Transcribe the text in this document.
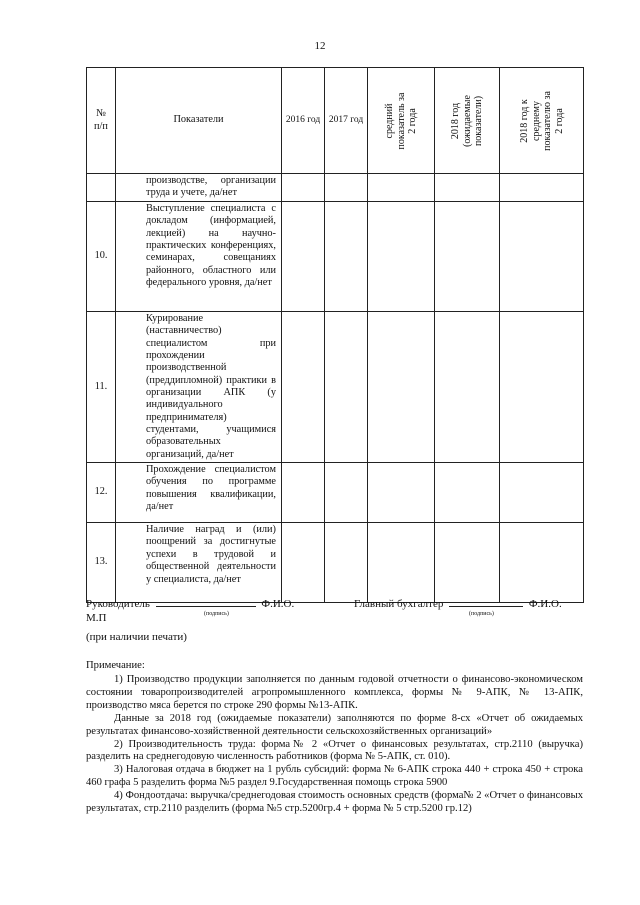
12
№
п/п	Показатели	2016 год	2017 год	средний
показатель за
2 года	2018 год
(ожидаемые
показатели)	2018 год к
среднему
показателю за
2 года

	производстве, организации труда и учете, да/нет					
10.	Выступление специалиста с докладом (информацией, лекцией) на научно-практических конференциях, семинарах, совещаниях районного, областного или федерального уровня, да/нет					
11.	Курирование (наставничество) специалистом при прохождении производственной (преддипломной) практики в организации АПК (у индивидуального предпринимателя) студентами, учащимися образовательных организаций, да/нет					
12.	Прохождение специалистом обучения по программе повышения квалификации, да/нет					
13.	Наличие наград и (или) поощрений за достигнутые успехи в трудовой и общественной деятельности у специалиста, да/нет					
Руководитель	Ф.И.О.
(подпись)
М.П
Главный бухгалтер	Ф.И.О.
(подпись)
(при наличии печати)
Примечание:

1) Производство продукции заполняется по данным годовой отчетности о финансово-экономическом состоянии товаропроизводителей агропромышленного комплекса, формы № 9-АПК, № 13-АПК, производство мяса берется по строке 290 формы №13-АПК.

Данные за 2018 год (ожидаемые показатели) заполняются по форме 8-сх «Отчет об ожидаемых результатах финансово-хозяйственной деятельности сельскохозяйственных организаций»

2) Производительность труда: форма№ 2 «Отчет о финансовых результатах, стр.2110 (выручка) разделить на среднегодовую численность работников (форма № 5-АПК, ст. 010).

3) Налоговая отдача в бюджет на 1 рубль субсидий: форма № 6-АПК строка 440 + строка 450 + строка 460 графа 5 разделить форма №5 раздел 9.Государственная помощь строка 5900

4) Фондоотдача: выручка/среднегодовая стоимость основных средств (форма№ 2 «Отчет о финансовых результатах, стр.2110 разделить (форма №5 стр.5200гр.4 + форма № 5 стр.5200 гр.12)
